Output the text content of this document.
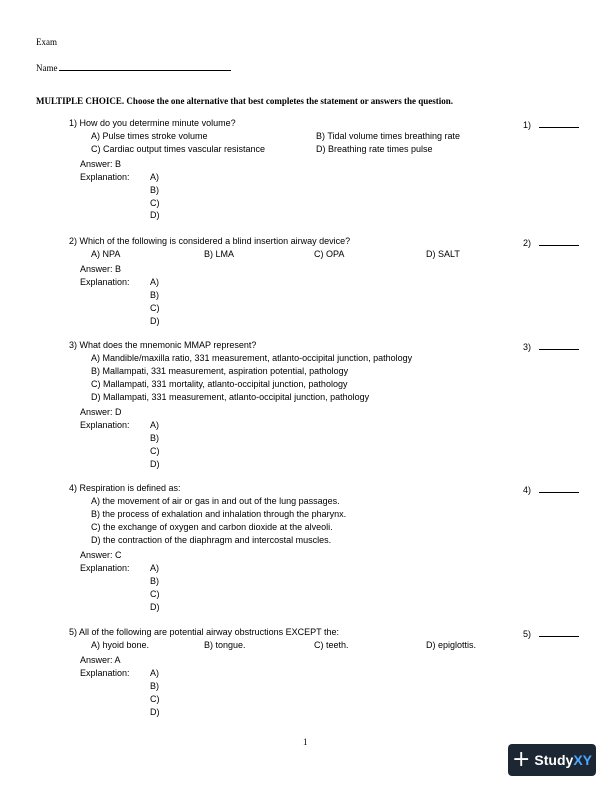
Exam
Name
MULTIPLE CHOICE. Choose the one alternative that best completes the statement or answers the question.
1) How do you determine minute volume?	1)
A) Pulse times stroke volume	B) Tidal volume times breathing rate
C) Cardiac output times vascular resistance	D) Breathing rate times pulse
Answer: B
Explanation: A)
B)
C)
D)
2) Which of the following is considered a blind insertion airway device?	2)
A) NPA	B) LMA	C) OPA	D) SALT
Answer: B
Explanation: A)
B)
C)
D)
3) What does the mnemonic MMAP represent?	3)
A) Mandible/maxilla ratio, 331 measurement, atlanto-occipital junction, pathology
B) Mallampati, 331 measurement, aspiration potential, pathology
C) Mallampati, 331 mortality, atlanto-occipital junction, pathology
D) Mallampati, 331 measurement, atlanto-occipital junction, pathology
Answer: D
Explanation: A)
B)
C)
D)
4) Respiration is defined as:	4)
A) the movement of air or gas in and out of the lung passages.
B) the process of exhalation and inhalation through the pharynx.
C) the exchange of oxygen and carbon dioxide at the alveoli.
D) the contraction of the diaphragm and intercostal muscles.
Answer: C
Explanation: A)
B)
C)
D)
5) All of the following are potential airway obstructions EXCEPT the:	5)
A) hyoid bone.	B) tongue.	C) teeth.	D) epiglottis.
Answer: A
Explanation: A)
B)
C)
D)
1
+ Study XY
